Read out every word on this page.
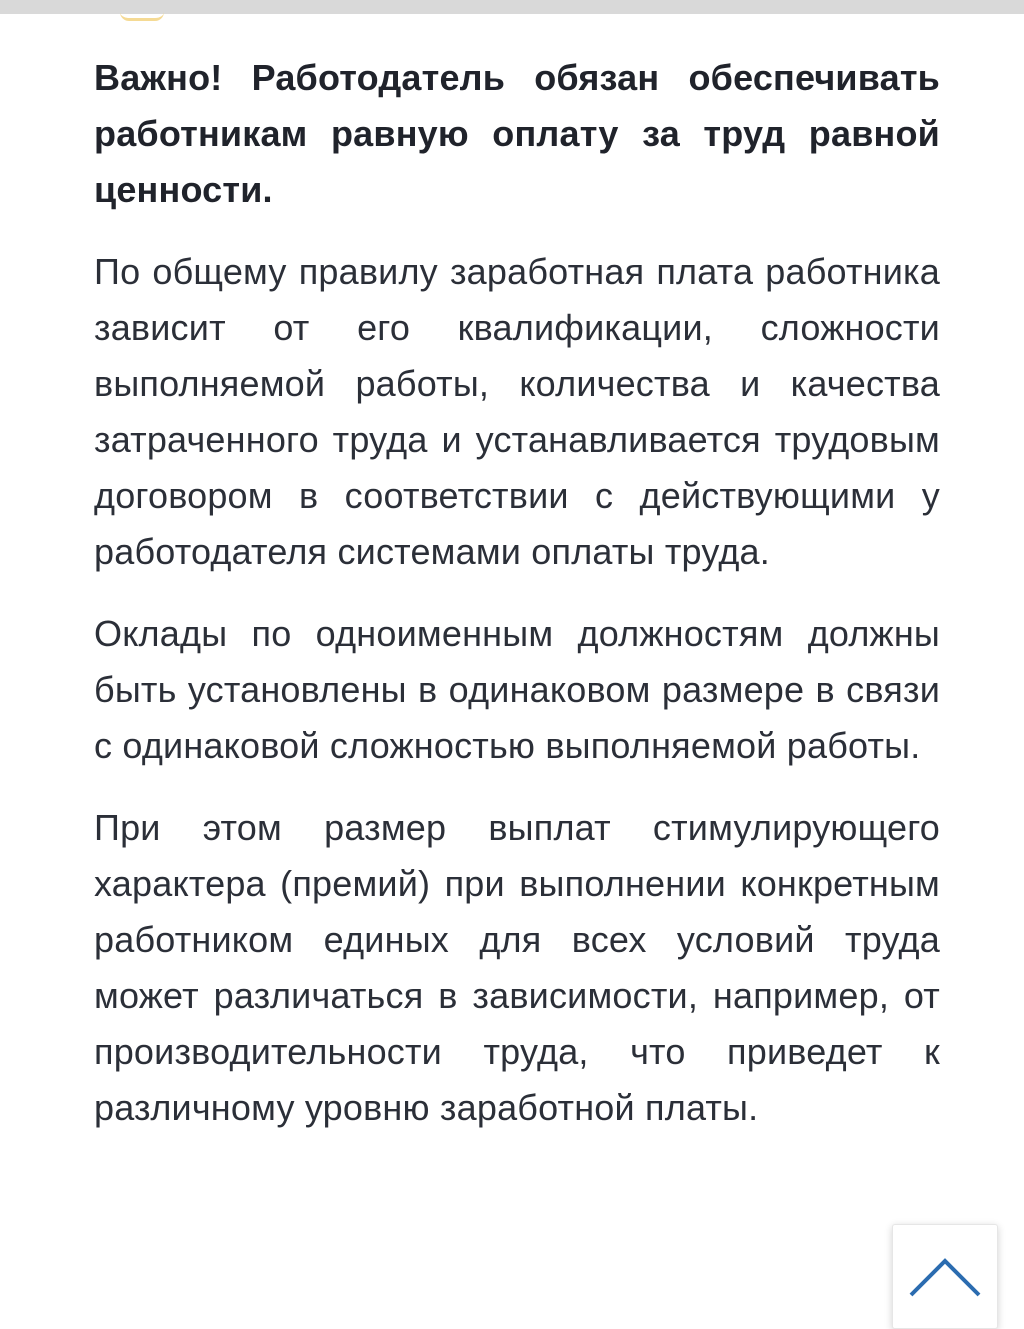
Важно! Работодатель обязан обеспечивать работникам равную оплату за труд равной ценности.

По общему правилу заработная плата работника зависит от его квалификации, сложности выполняемой работы, количества и качества затраченного труда и устанавливается трудовым договором в соответствии с действующими у работодателя системами оплаты труда.

Оклады по одноименным должностям должны быть установлены в одинаковом размере в связи с одинаковой сложностью выполняемой работы.

При этом размер выплат стимулирующего характера (премий) при выполнении конкретным работником единых для всех условий труда может различаться в зависимости, например, от производительности труда, что приведет к различному уровню заработной платы.
